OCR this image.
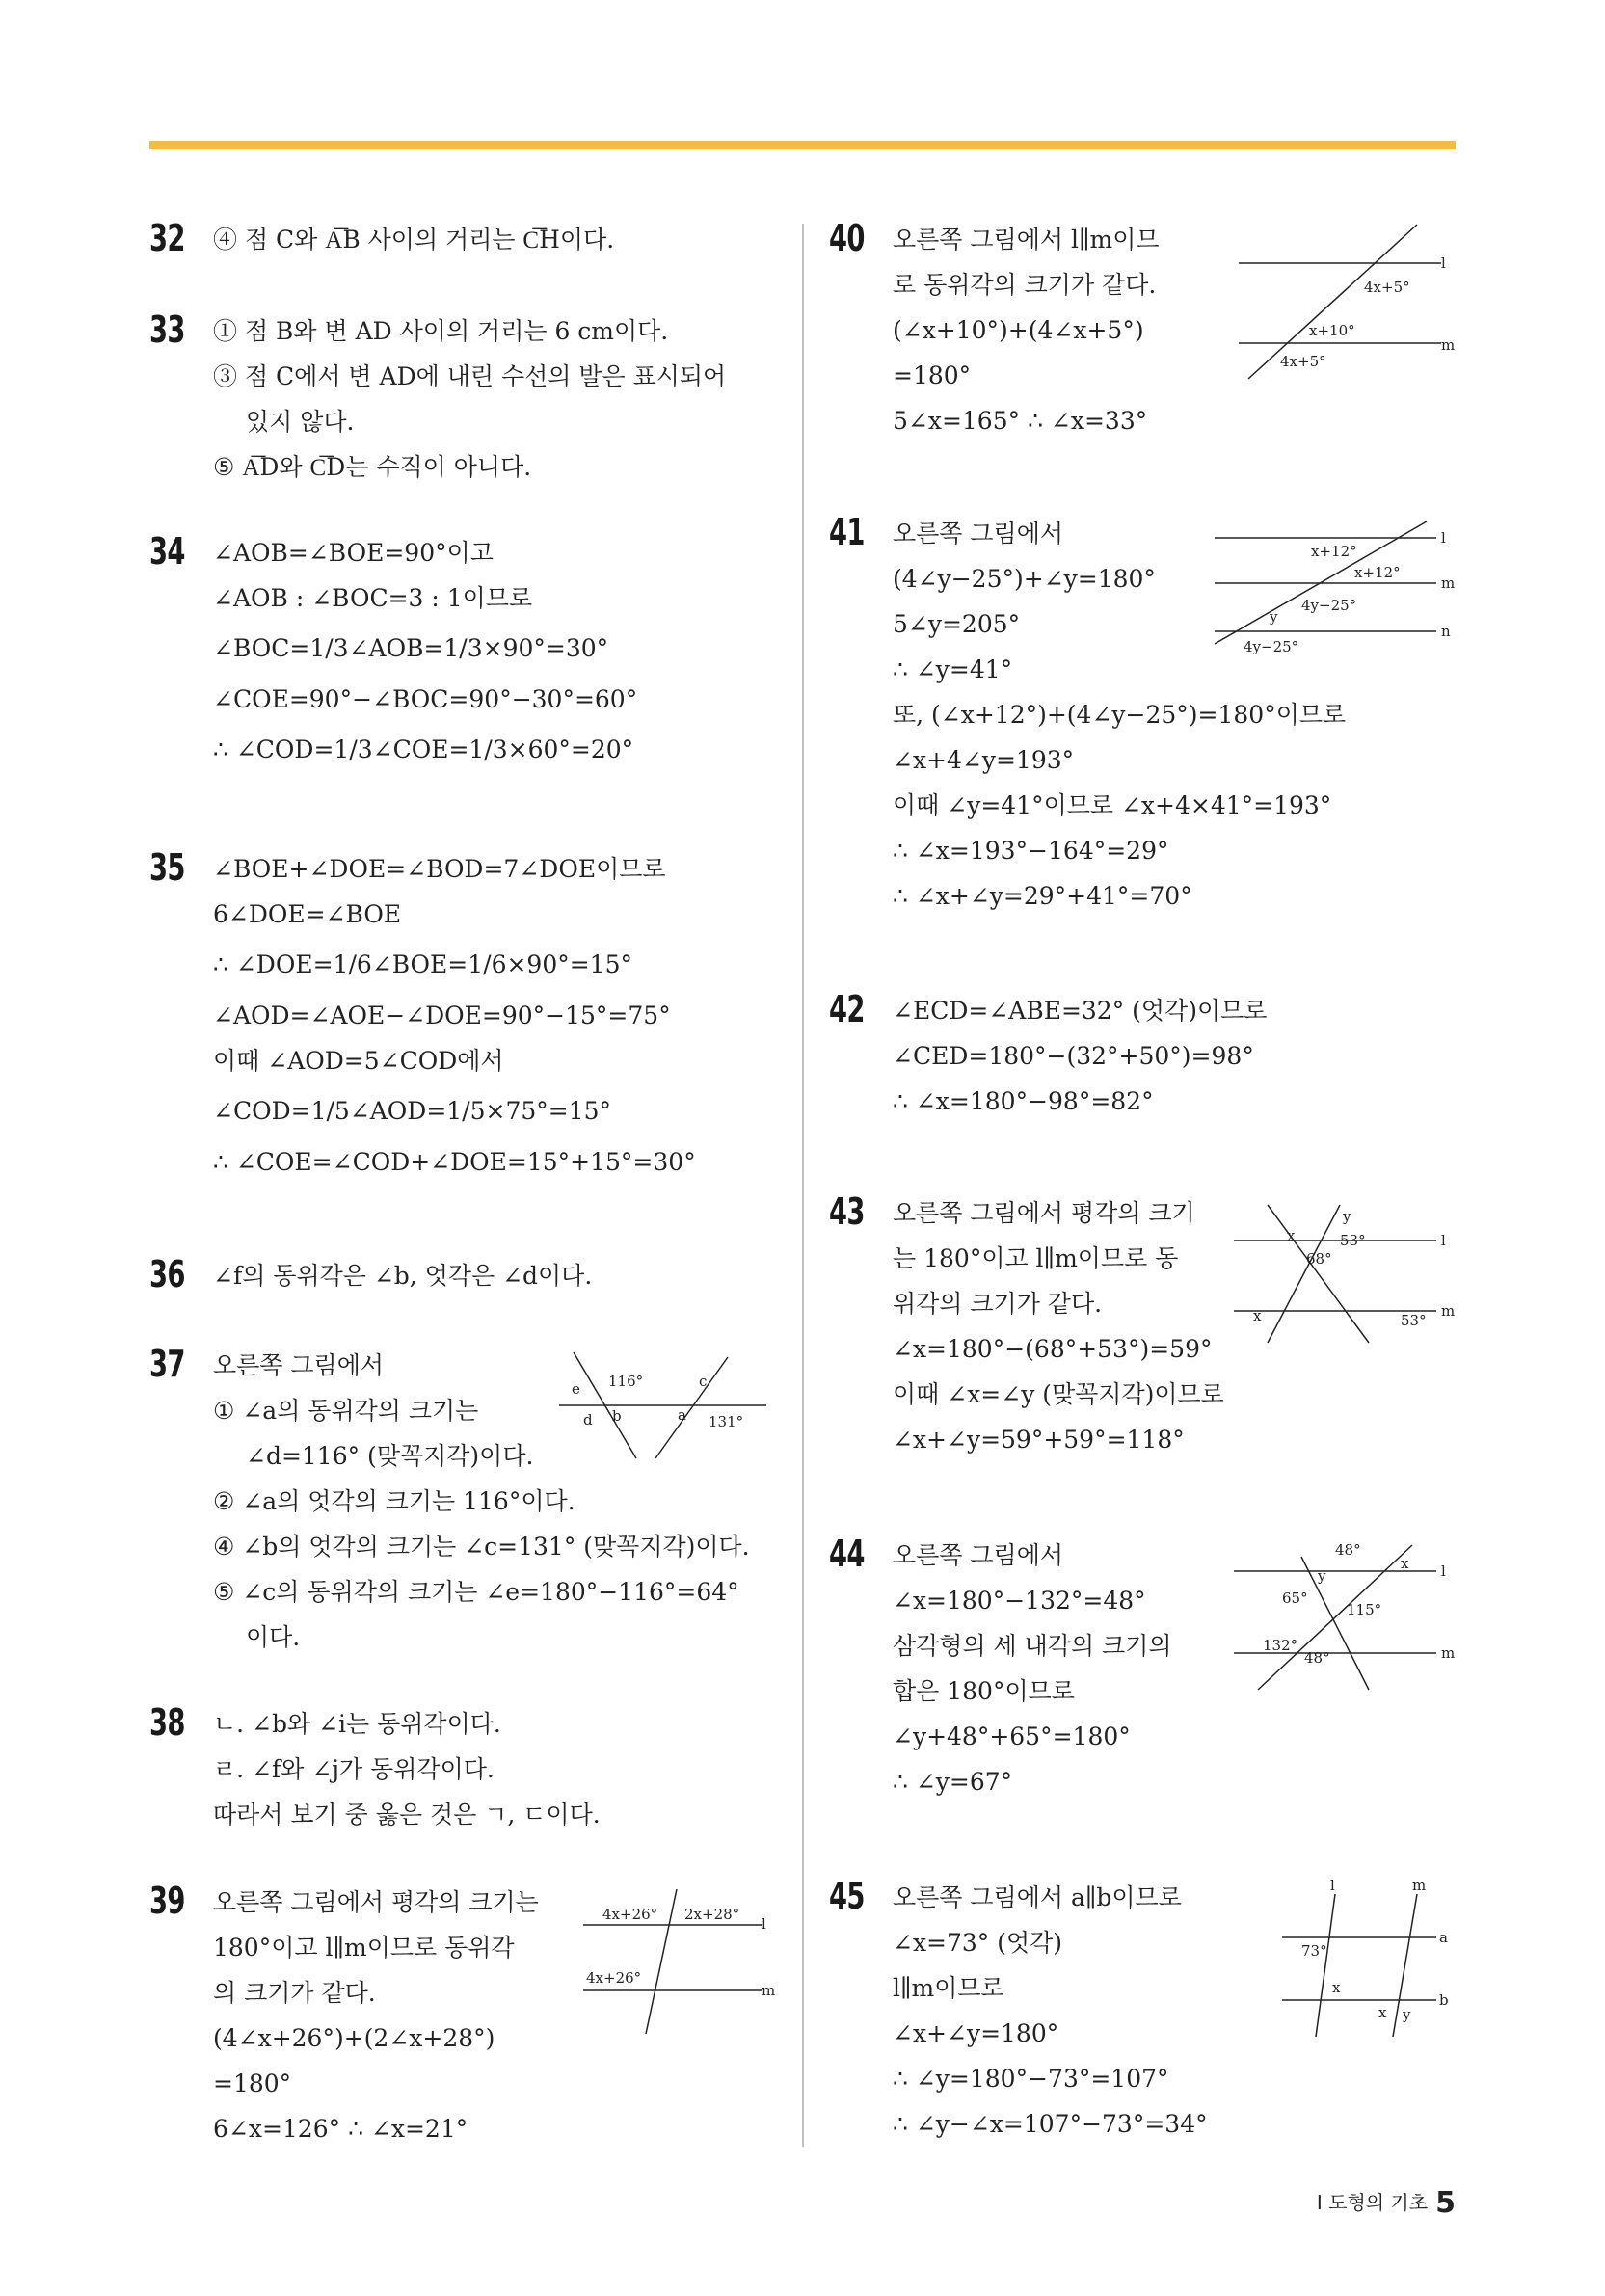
32 ④ 점 C와 A͞B 사이의 거리는 C͞H이다.
33 ① 점 B와 변 AD 사이의 거리는 6 cm이다.
③ 점 C에서 변 AD에 내린 수선의 발은 표시되어
있지 않다.
⑤ A͞D와 C͞D는 수직이 아니다.
34 ∠AOB=∠BOE=90°이고
∠AOB : ∠BOC=3 : 1이므로
∠BOC=1/3∠AOB=1/3×90°=30°
∠COE=90°−∠BOC=90°−30°=60°
∴ ∠COD=1/3∠COE=1/3×60°=20°
35 ∠BOE+∠DOE=∠BOD=7∠DOE이므로
6∠DOE=∠BOE
∴ ∠DOE=1/6∠BOE=1/6×90°=15°
∠AOD=∠AOE−∠DOE=90°−15°=75°
이때 ∠AOD=5∠COD에서
∠COD=1/5∠AOD=1/5×75°=15°
∴ ∠COE=∠COD+∠DOE=15°+15°=30°
36 ∠f의 동위각은 ∠b, 엇각은 ∠d이다.
37 오른쪽 그림에서
① ∠a의 동위각의 크기는
∠d=116° (맞꼭지각)이다.
② ∠a의 엇각의 크기는 116°이다.
④ ∠b의 엇각의 크기는 ∠c=131° (맞꼭지각)이다.
⑤ ∠c의 동위각의 크기는 ∠e=180°−116°=64°
이다.
e 116°	c
d b	a 131°
38 ㄴ. ∠b와 ∠i는 동위각이다.
ㄹ. ∠f와 ∠j가 동위각이다.
따라서 보기 중 옳은 것은 ㄱ, ㄷ이다.
39 오른쪽 그림에서 평각의 크기는
180°이고 l∥m이므로 동위각
의 크기가 같다.
(4∠x+26°)+(2∠x+28°)
=180°
6∠x=126° ∴ ∠x=21°
4x+26° 2x+28°
l
4x+26°
m
40 오른쪽 그림에서 l∥m이므
로 동위각의 크기가 같다.
(∠x+10°)+(4∠x+5°)
=180°
5∠x=165° ∴ ∠x=33°
l
4x+5°
x+10°
m
4x+5°
41 오른쪽 그림에서
(4∠y−25°)+∠y=180°
5∠y=205°
∴ ∠y=41°
또, (∠x+12°)+(4∠y−25°)=180°이므로
∠x+4∠y=193°
이때 ∠y=41°이므로 ∠x+4×41°=193°
∴ ∠x=193°−164°=29°
∴ ∠x+∠y=29°+41°=70°
x+12°
l
x+12°
m
y
4y−25°
4y−25°
n
42 ∠ECD=∠ABE=32° (엇각)이므로
∠CED=180°−(32°+50°)=98°
∴ ∠x=180°−98°=82°
43 오른쪽 그림에서 평각의 크기
는 180°이고 l∥m이므로 동
위각의 크기가 같다.
∠x=180°−(68°+53°)=59°
이때 ∠x=∠y (맞꼭지각)이므로
∠x+∠y=59°+59°=118°
y
x	53°
68°
l
x	53°
m
44 오른쪽 그림에서
∠x=180°−132°=48°
삼각형의 세 내각의 크기의
합은 180°이므로
∠y+48°+65°=180°
∴ ∠y=67°
48°
y
x l
65°
115°
132°
48°	m
45 오른쪽 그림에서 a∥b이므로
∠x=73° (엇각)
l∥m이므로
∠x+∠y=180°
∴ ∠y=180°−73°=107°
∴ ∠y−∠x=107°−73°=34°
l	m
a
73°
x
b
x y
Ⅰ 도형의 기초 5
